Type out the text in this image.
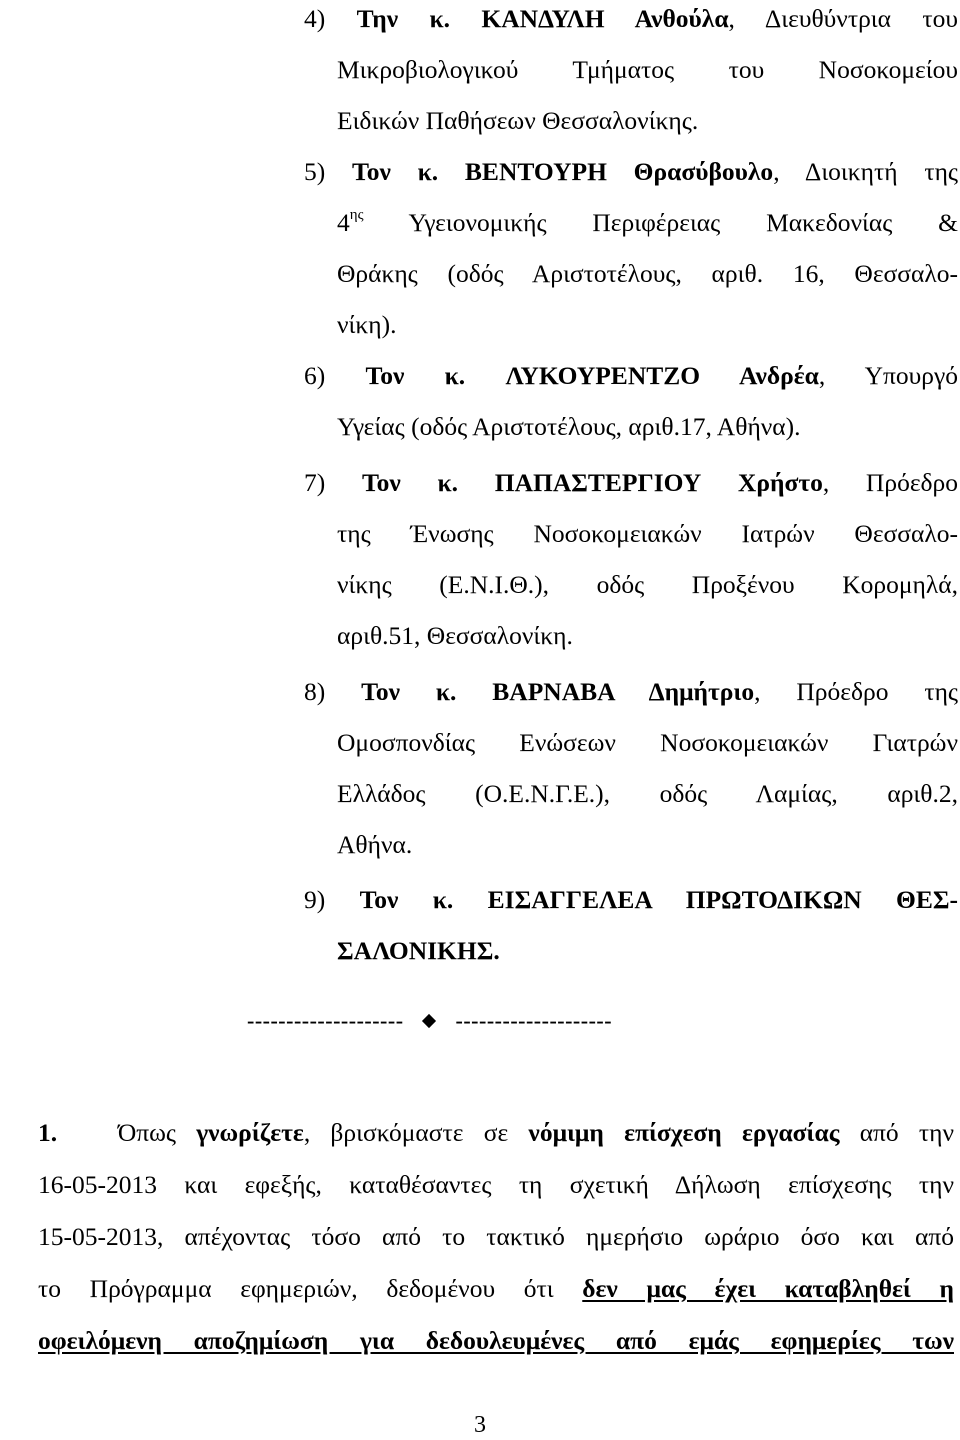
4) Την κ. ΚΑΝΔΥΛΗ Ανθούλα, Διευθύντρια του
Μικροβιολογικού Τμήματος του Νοσοκομείου
Ειδικών Παθήσεων Θεσσαλονίκης.
5) Τον κ. ΒΕΝΤΟΥΡΗ Θρασύβουλο, Διοικητή της
$4^{\eta\varsigma}$ Υγειονομικής Περιφέρειας Μακεδονίας &
Θράκης (οδός Αριστοτέλους, αριθ. 16, Θεσσαλο-
νίκη).
6) Τον κ. ΛΥΚΟΥΡΕΝΤΖΟ Ανδρέα, Υπουργό
Υγείας (οδός Αριστοτέλους, αριθ.17, Αθήνα).
7) Τον κ. ΠΑΠΑΣΤΕΡΓΙΟΥ Χρήστο, Πρόεδρο
της Ένωσης Νοσοκομειακών Ιατρών Θεσσαλο-
νίκης (Ε.Ν.Ι.Θ.), οδός Προξένου Κορομηλά,
αριθ.51, Θεσσαλονίκη.
8) Τον κ. ΒΑΡΝΑΒΑ Δημήτριο, Πρόεδρο της
Ομοσπονδίας Ενώσεων Νοσοκομειακών Γιατρών
Ελλάδος (Ο.Ε.Ν.Γ.Ε.), οδός Λαμίας, αριθ.2,
Αθήνα.
9) Τον κ. ΕΙΣΑΓΓΕΛΕΑ ΠΡΩΤΟΔΙΚΩΝ ΘΕΣ-
ΣΑΛΟΝΙΚΗΣ.
-------------------- --------------------
1. Όπως γνωρίζετε, βρισκόμαστε σε νόμιμη επίσχεση εργασίας από την
16-05-2013 και εφεξής, καταθέσαντες τη σχετική Δήλωση επίσχεσης την
15-05-2013, απέχοντας τόσο από το τακτικό ημερήσιο ωράριο όσο και από
το Πρόγραμμα εφημεριών, δεδομένου ότι δεν μας έχει καταβληθεί η
οφειλόμενη αποζημίωση για δεδουλευμένες από εμάς εφημερίες των
3
